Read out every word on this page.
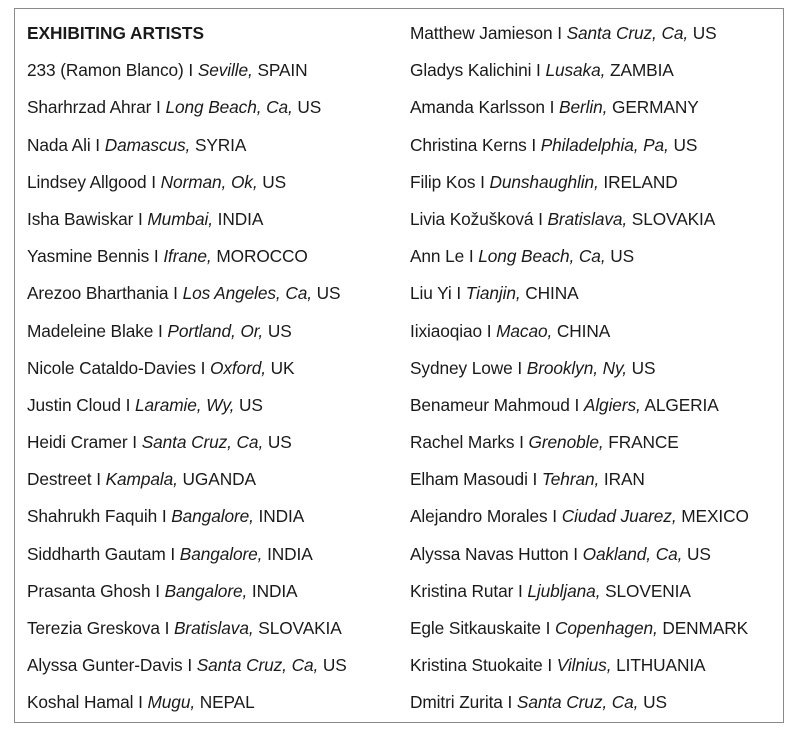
EXHIBITING ARTISTS
233 (Ramon Blanco) I Seville, SPAIN
Sharhrzad Ahrar I Long Beach, Ca, US
Nada Ali I Damascus, SYRIA
Lindsey Allgood I Norman, Ok, US
Isha Bawiskar I Mumbai, INDIA
Yasmine Bennis I Ifrane, MOROCCO
Arezoo Bharthania I Los Angeles, Ca, US
Madeleine Blake I Portland, Or, US
Nicole Cataldo-Davies I Oxford, UK
Justin Cloud I Laramie, Wy, US
Heidi Cramer I Santa Cruz, Ca, US
Destreet I Kampala, UGANDA
Shahrukh Faquih I Bangalore, INDIA
Siddharth Gautam I Bangalore, INDIA
Prasanta Ghosh I Bangalore, INDIA
Terezia Greskova I Bratislava, SLOVAKIA
Alyssa Gunter-Davis I Santa Cruz, Ca, US
Koshal Hamal I Mugu, NEPAL
Matthew Jamieson I Santa Cruz, Ca, US
Gladys Kalichini I Lusaka, ZAMBIA
Amanda Karlsson I Berlin, GERMANY
Christina Kerns I Philadelphia, Pa, US
Filip Kos I Dunshaughlin, IRELAND
Livia Kožušková I Bratislava, SLOVAKIA
Ann Le I Long Beach, Ca, US
Liu Yi I Tianjin, CHINA
Iixiaoqiao I Macao, CHINA
Sydney Lowe I Brooklyn, Ny, US
Benameur Mahmoud I Algiers, ALGERIA
Rachel Marks I Grenoble, FRANCE
Elham Masoudi I Tehran, IRAN
Alejandro Morales I Ciudad Juarez, MEXICO
Alyssa Navas Hutton I Oakland, Ca, US
Kristina Rutar I Ljubljana, SLOVENIA
Egle Sitkauskaite I Copenhagen, DENMARK
Kristina Stuokaite I Vilnius, LITHUANIA
Dmitri Zurita I Santa Cruz, Ca, US
